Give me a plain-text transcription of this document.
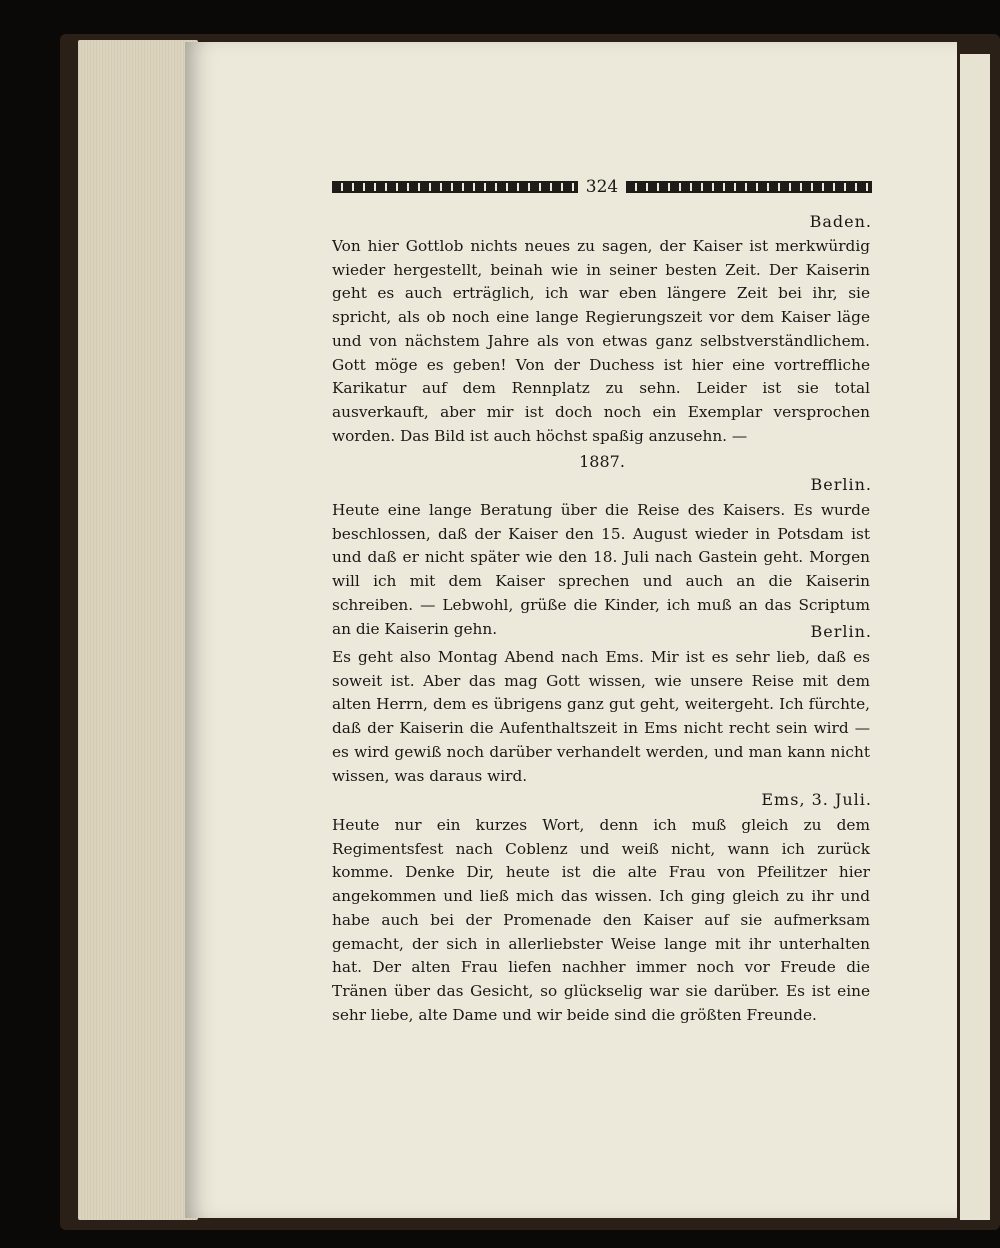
324
Baden.
Von hier Gottlob nichts neues zu sagen, der Kaiser ist merkwürdig wieder hergestellt, beinah wie in seiner besten Zeit. Der Kaiserin geht es auch erträglich, ich war eben längere Zeit bei ihr, sie spricht, als ob noch eine lange Regierungszeit vor dem Kaiser läge und von nächstem Jahre als von etwas ganz selbstverständlichem. Gott möge es geben! Von der Duchess ist hier eine vortreffliche Karikatur auf dem Rennplatz zu sehn. Leider ist sie total ausverkauft, aber mir ist doch noch ein Exemplar versprochen worden. Das Bild ist auch höchst spaßig anzusehn. —
1887.
Berlin.
Heute eine lange Beratung über die Reise des Kaisers. Es wurde beschlossen, daß der Kaiser den 15. August wieder in Potsdam ist und daß er nicht später wie den 18. Juli nach Gastein geht. Morgen will ich mit dem Kaiser sprechen und auch an die Kaiserin schreiben. — Lebwohl, grüße die Kinder, ich muß an das Scriptum an die Kaiserin gehn.	Berlin.
Es geht also Montag Abend nach Ems. Mir ist es sehr lieb, daß es soweit ist. Aber das mag Gott wissen, wie unsere Reise mit dem alten Herrn, dem es übrigens ganz gut geht, weitergeht. Ich fürchte, daß der Kaiserin die Aufenthaltszeit in Ems nicht recht sein wird — es wird gewiß noch darüber verhandelt werden, und man kann nicht wissen, was daraus wird.
Ems, 3. Juli.
Heute nur ein kurzes Wort, denn ich muß gleich zu dem Regimentsfest nach Coblenz und weiß nicht, wann ich zurück komme. Denke Dir, heute ist die alte Frau von Pfeilitzer hier angekommen und ließ mich das wissen. Ich ging gleich zu ihr und habe auch bei der Promenade den Kaiser auf sie aufmerksam gemacht, der sich in allerliebster Weise lange mit ihr unterhalten hat. Der alten Frau liefen nachher immer noch vor Freude die Tränen über das Gesicht, so glückselig war sie darüber. Es ist eine sehr liebe, alte Dame und wir beide sind die größten Freunde.
